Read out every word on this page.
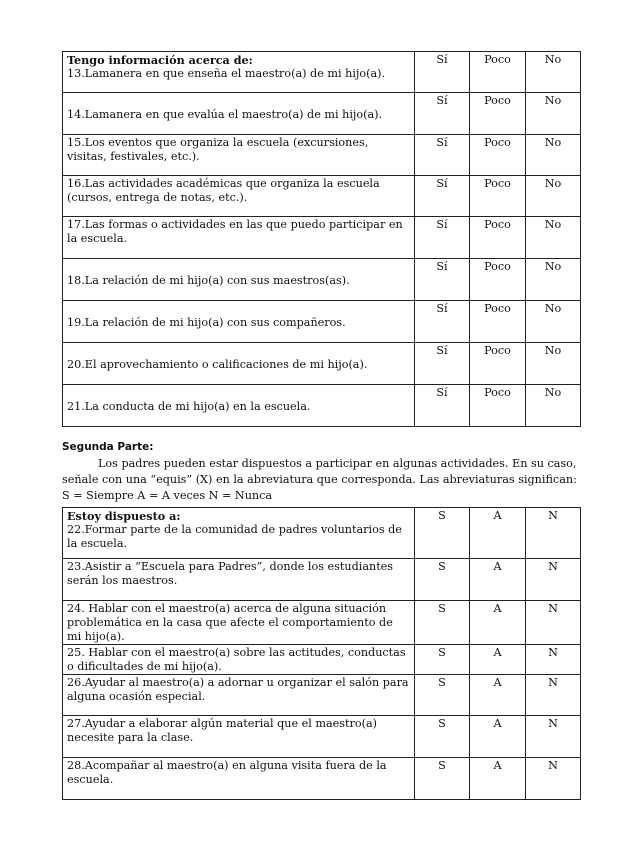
Tengo información acerca de:
13.Lamanera en que enseña el maestro(a) de mi hijo(a).	Sí	Poco	No

14.Lamanera en que evalúa el maestro(a) de mi hijo(a).	Sí	Poco	No

15.Los eventos que organiza la escuela (excursiones, visitas, festivales, etc.).	Sí	Poco	No

16.Las actividades académicas que organiza la escuela (cursos, entrega de notas, etc.).	Sí	Poco	No

17.Las formas o actividades en las que puedo participar en la escuela.	Sí	Poco	No

18.La relación de mi hijo(a) con sus maestros(as).	Sí	Poco	No

19.La relación de mi hijo(a) con sus compañeros.	Sí	Poco	No

20.El aprovechamiento o calificaciones de mi hijo(a).	Sí	Poco	No

21.La conducta de mi hijo(a) en la escuela.	Sí	Poco	No
Segunda Parte:

Los padres pueden estar dispuestos a participar en algunas actividades. En su caso,
señale con una “equis” (X) en la abreviatura que corresponda. Las abreviaturas significan:
S = Siempre A = A veces N = Nunca

Estoy dispuesto a:
22.Formar parte de la comunidad de padres voluntarios de la escuela.	S	A	N

23.Asistir a “Escuela para Padres”, donde los estudiantes serán los maestros.	S	A	N

24. Hablar con el maestro(a) acerca de alguna situación problemática en la casa que afecte el comportamiento de mi hijo(a).	S	A	N

25. Hablar con el maestro(a) sobre las actitudes, conductas o dificultades de mi hijo(a).	S	A	N

26.Ayudar al maestro(a) a adornar u organizar el salón para alguna ocasión especial.	S	A	N

27.Ayudar a elaborar algún material que el maestro(a) necesite para la clase.	S	A	N

28.Acompañar al maestro(a) en alguna visita fuera de la escuela.	S	A	N
